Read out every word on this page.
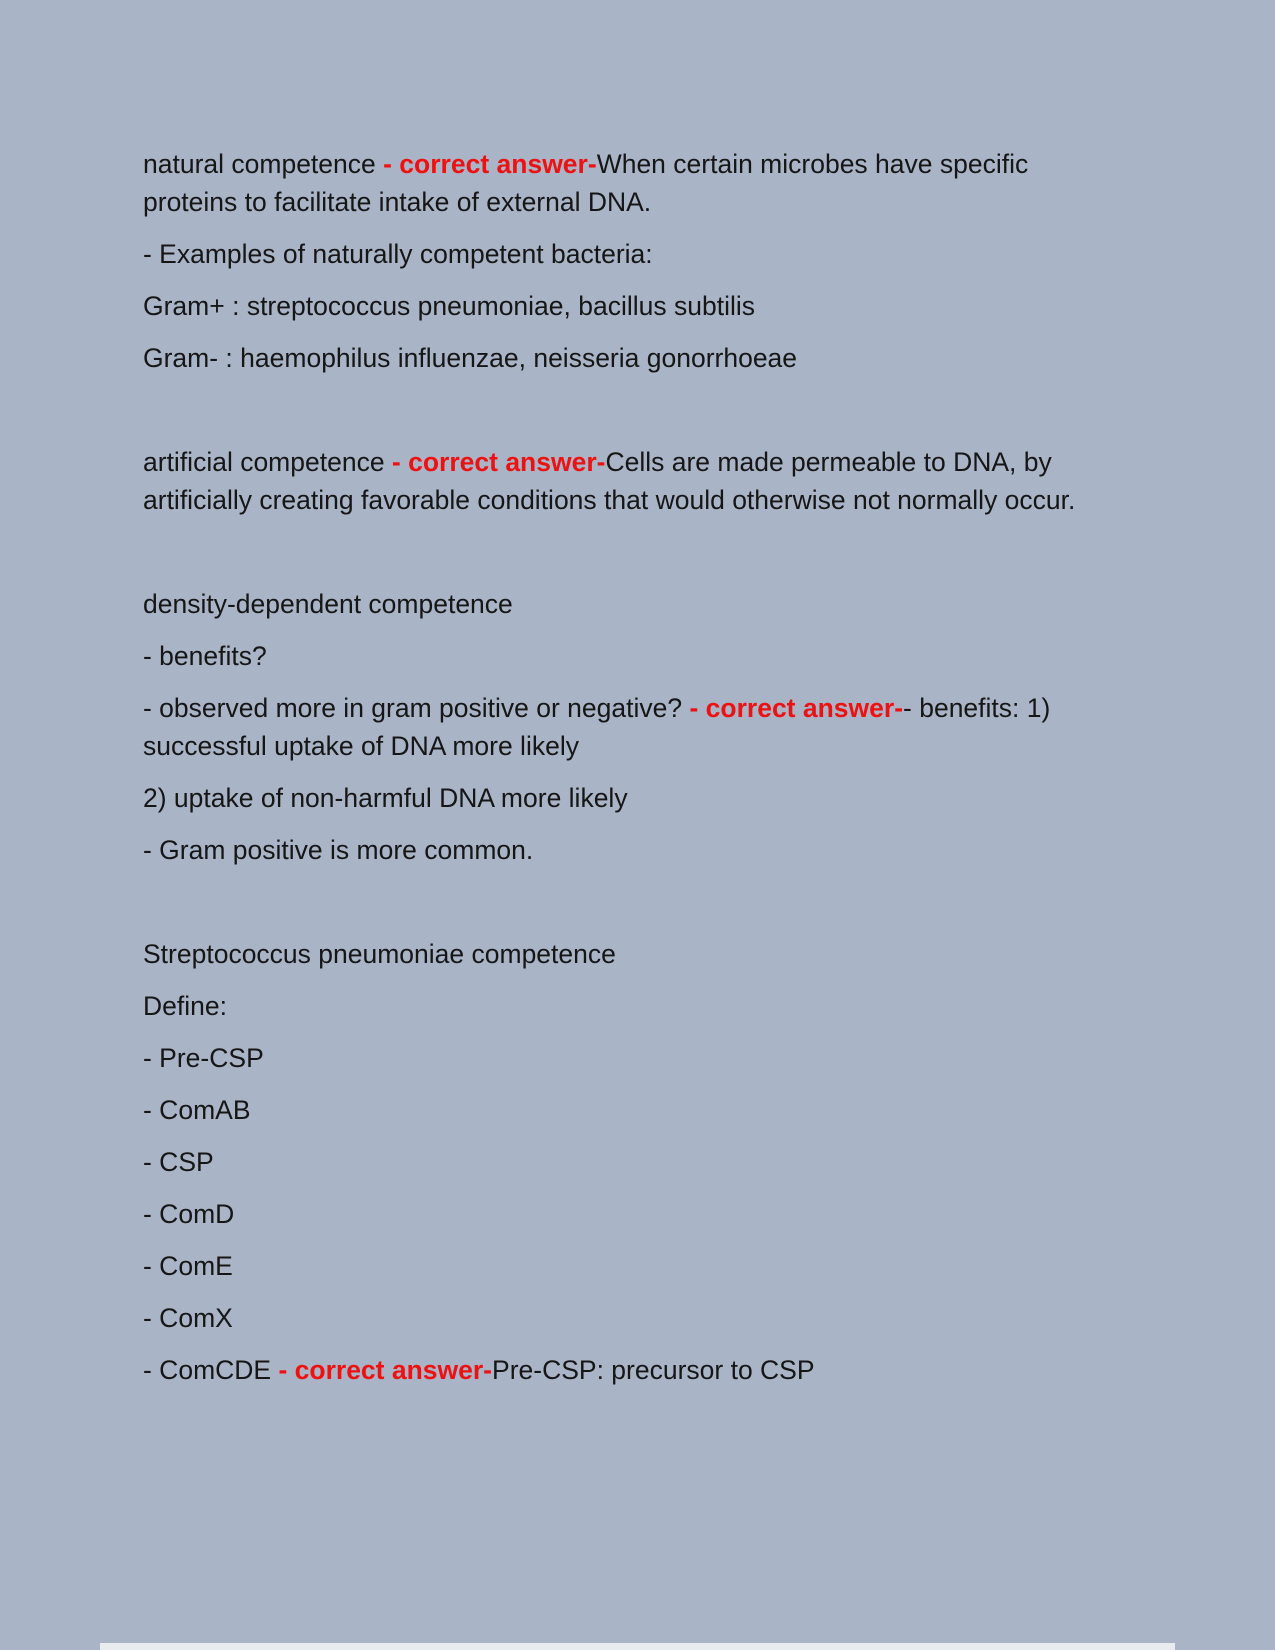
natural competence - correct answer-When certain microbes have specific proteins to facilitate intake of external DNA.

- Examples of naturally competent bacteria:

Gram+ : streptococcus pneumoniae, bacillus subtilis

Gram- : haemophilus influenzae, neisseria gonorrhoeae

artificial competence - correct answer-Cells are made permeable to DNA, by artificially creating favorable conditions that would otherwise not normally occur.

density-dependent competence

- benefits?

- observed more in gram positive or negative? - correct answer-- benefits: 1) successful uptake of DNA more likely

2) uptake of non-harmful DNA more likely

- Gram positive is more common.

Streptococcus pneumoniae competence

Define:

- Pre-CSP

- ComAB

- CSP

- ComD

- ComE

- ComX

- ComCDE - correct answer-Pre-CSP: precursor to CSP
